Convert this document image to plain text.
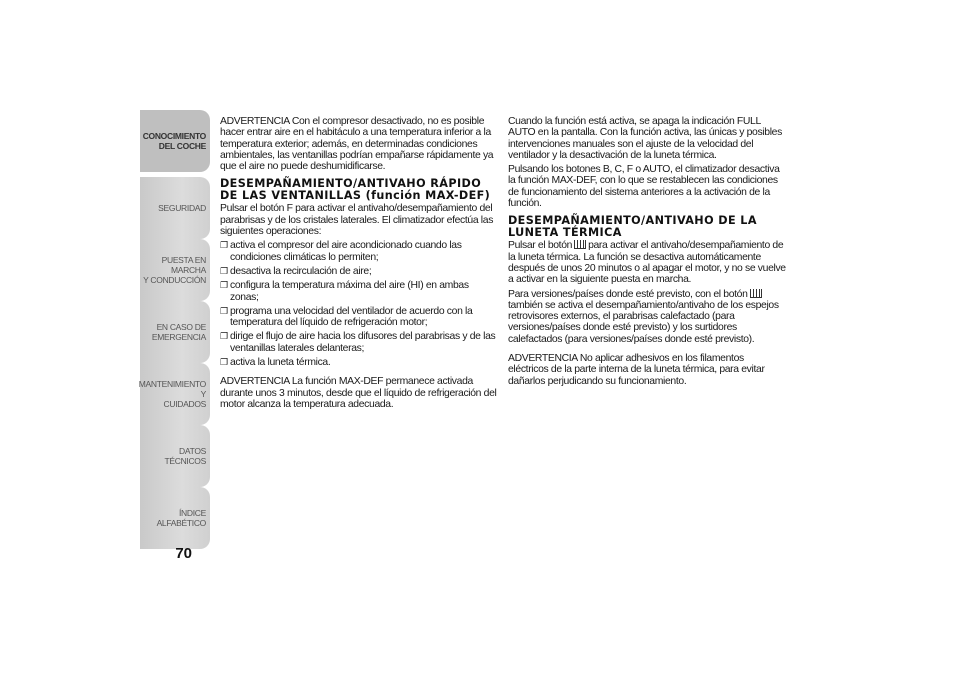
CONOCIMIENTO
DEL COCHE
SEGURIDAD
PUESTA EN MARCHA
Y CONDUCCIÓN
EN CASO DE
EMERGENCIA
MANTENIMIENTO Y
CUIDADOS
DATOS TÉCNICOS
ÍNDICE ALFABÉTICO
70

ADVERTENCIA Con el compresor desactivado, no es posible hacer entrar aire en el habitáculo a una temperatura inferior a la temperatura exterior; además, en determinadas condiciones ambientales, las ventanillas podrían empañarse rápidamente ya que el aire no puede deshumidificarse.

DESEMPAÑAMIENTO/ANTIVAHO RÁPIDO DE LAS VENTANILLAS (función MAX-DEF)

Pulsar el botón F para activar el antivaho/desempañamiento del parabrisas y de los cristales laterales. El climatizador efectúa las siguientes operaciones:

❐ activa el compresor del aire acondicionado cuando las condiciones climáticas lo permiten;
❐ desactiva la recirculación de aire;
❐ configura la temperatura máxima del aire (HI) en ambas zonas;
❐ programa una velocidad del ventilador de acuerdo con la temperatura del líquido de refrigeración motor;
❐ dirige el flujo de aire hacia los difusores del parabrisas y de las ventanillas laterales delanteras;
❐ activa la luneta térmica.

ADVERTENCIA La función MAX-DEF permanece activada durante unos 3 minutos, desde que el líquido de refrigeración del motor alcanza la temperatura adecuada.

Cuando la función está activa, se apaga la indicación FULL AUTO en la pantalla. Con la función activa, las únicas y posibles intervenciones manuales son el ajuste de la velocidad del ventilador y la desactivación de la luneta térmica.

Pulsando los botones B, C, F o AUTO, el climatizador desactiva la función MAX-DEF, con lo que se restablecen las condiciones de funcionamiento del sistema anteriores a la activación de la función.

DESEMPAÑAMIENTO/ANTIVAHO DE LA LUNETA TÉRMICA

Pulsar el botón para activar el antivaho/desempañamiento de la luneta térmica. La función se desactiva automáticamente después de unos 20 minutos o al apagar el motor, y no se vuelve a activar en la siguiente puesta en marcha.

Para versiones/países donde esté previsto, con el botóntambién se activa el desempañamiento/antivaho de los espejos retrovisores externos, el parabrisas calefactado (para versiones/países donde esté previsto) y los surtidores calefactados (para versiones/países donde esté previsto).

ADVERTENCIA No aplicar adhesivos en los filamentos eléctricos de la parte interna de la luneta térmica, para evitar dañarlos perjudicando su funcionamiento.
